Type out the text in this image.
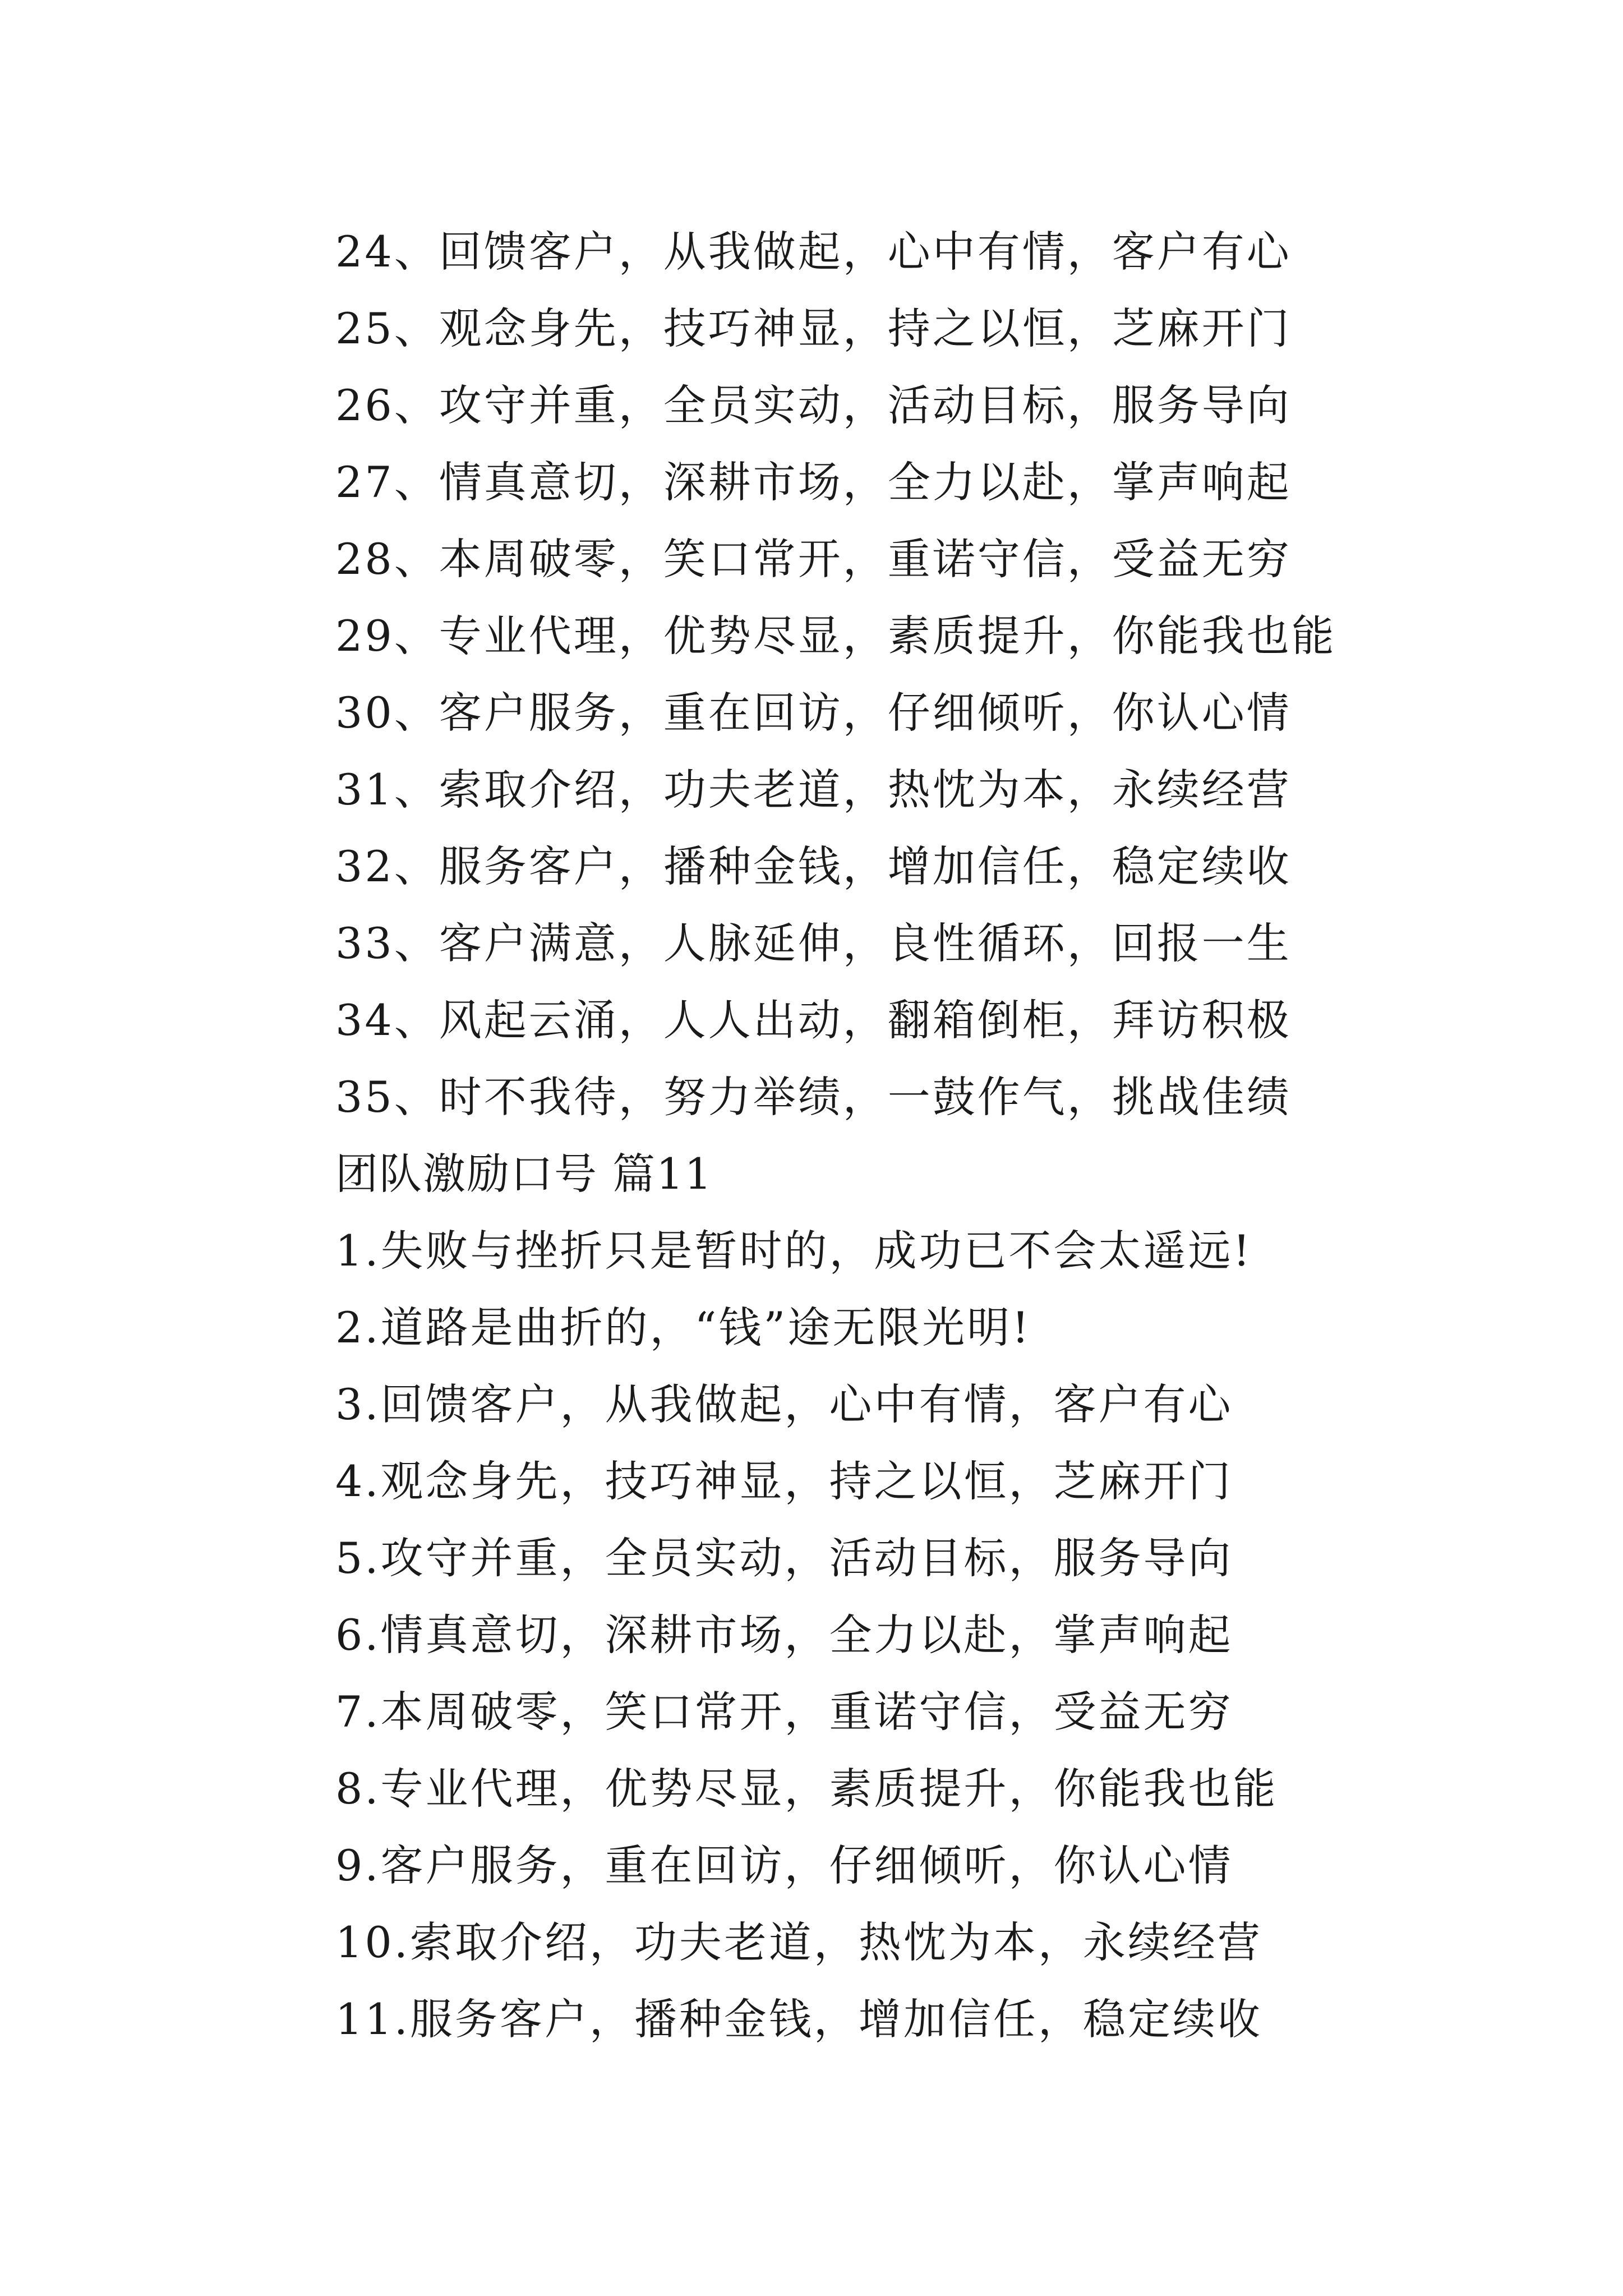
24、回馈客户，从我做起，心中有情，客户有心
25、观念身先，技巧神显，持之以恒，芝麻开门
26、攻守并重，全员实动，活动目标，服务导向
27、情真意切，深耕市场，全力以赴，掌声响起
28、本周破零，笑口常开，重诺守信，受益无穷
29、专业代理，优势尽显，素质提升，你能我也能
30、客户服务，重在回访，仔细倾听，你认心情
31、索取介绍，功夫老道，热忱为本，永续经营
32、服务客户，播种金钱，增加信任，稳定续收
33、客户满意，人脉延伸，良性循环，回报一生
34、风起云涌，人人出动，翻箱倒柜，拜访积极
35、时不我待，努力举绩，一鼓作气，挑战佳绩
团队激励口号 篇11
1.失败与挫折只是暂时的，成功已不会太遥远!
2.道路是曲折的，“钱”途无限光明!
3.回馈客户，从我做起，心中有情，客户有心
4.观念身先，技巧神显，持之以恒，芝麻开门
5.攻守并重，全员实动，活动目标，服务导向
6.情真意切，深耕市场，全力以赴，掌声响起
7.本周破零，笑口常开，重诺守信，受益无穷
8.专业代理，优势尽显，素质提升，你能我也能
9.客户服务，重在回访，仔细倾听，你认心情
10.索取介绍，功夫老道，热忱为本，永续经营
11.服务客户，播种金钱，增加信任，稳定续收
